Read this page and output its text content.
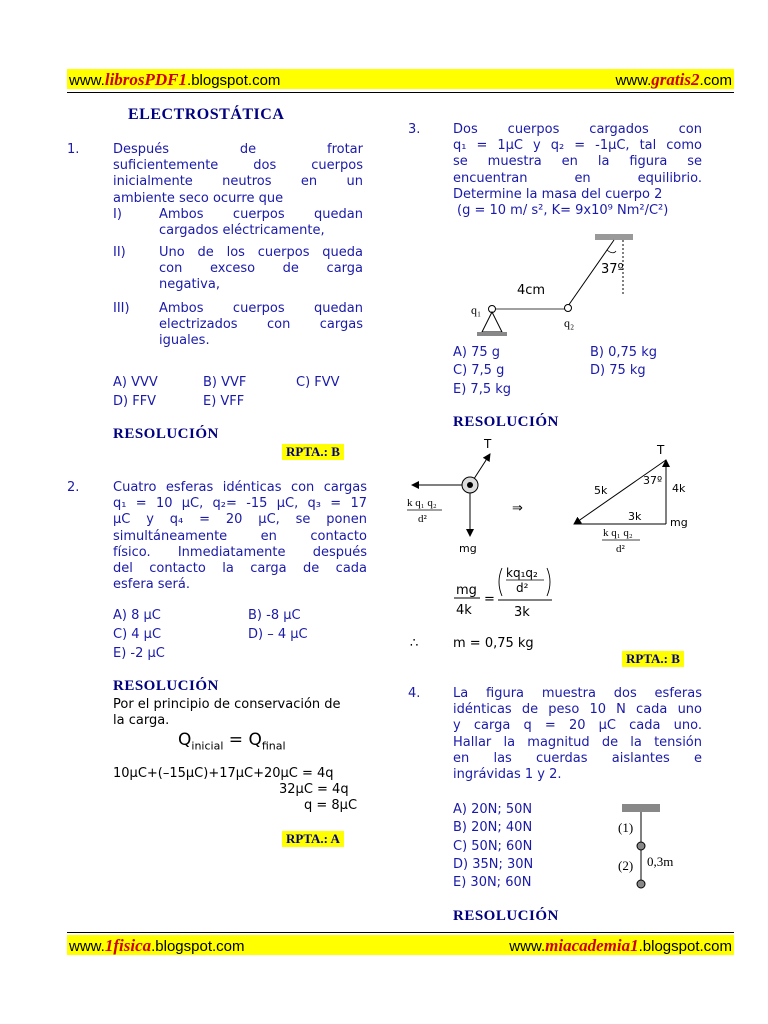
www.librosPDF1.blogspot.com	www.gratis2.com
ELECTROSTÁTICA
1.	Después de frotar
suficientemente dos cuerpos
inicialmente neutros en un
ambiente seco ocurre que
I)	Ambos cuerpos quedan
cargados eléctricamente,
II)	Uno de los cuerpos queda
con exceso de carga
negativa,
III) Ambos cuerpos quedan
electrizados con cargas
iguales.
A) VVV	B) VVF	C) FVV
D) FFV	E) VFF
RESOLUCIÓN
RPTA.: B
2.	Cuatro esferas idénticas con cargas
q₁ = 10 µC, q₂= -15 µC, q₃ = 17
µC y q₄ = 20 µC, se ponen
simultáneamente en contacto
físico. Inmediatamente después
del contacto la carga de cada
esfera será.
A) 8 µC	B) -8 µC
C) 4 µC	D) – 4 µC
E) -2 µC
RESOLUCIÓN
Por el principio de conservación de
la carga.
$Q_{inicial} = Q_{final}$
10µC+(–15µC)+17µC+20µC = 4q
32µC = 4q
q = 8µC
RPTA.: A
3.	Dos cuerpos cargados con
q₁ = 1µC y q₂ = -1µC, tal como
se muestra en la figura se
encuentran en equilibrio.
Determine la masa del cuerpo 2
(g = 10 m/ s², K= 9x10⁹ Nm²/C²)
37º
4cm
q₁
q₂
A) 75 g	B) 0,75 kg
C) 7,5 g	D) 75 kg
E) 7,5 kg
RESOLUCIÓN
T
k q₁ q₂
d²
mg
⇒
T
37º
5k	4k
3k	mg
k q₁ q₂
d²
mg
4k
=
kq₁q₂
d²
3k
∴	m = 0,75 kg
RPTA.: B
4.	La figura muestra dos esferas
idénticas de peso 10 N cada uno
y carga q = 20 µC cada uno.
Hallar la magnitud de la tensión
en las cuerdas aislantes e
ingrávidas 1 y 2.
A) 20N; 50N
B) 20N; 40N
C) 50N; 60N
D) 35N; 30N
E) 30N; 60N
(1)
(2) 0,3m
RESOLUCIÓN
www.1fisica.blogspot.com	www.miacademia1.blogspot.com
